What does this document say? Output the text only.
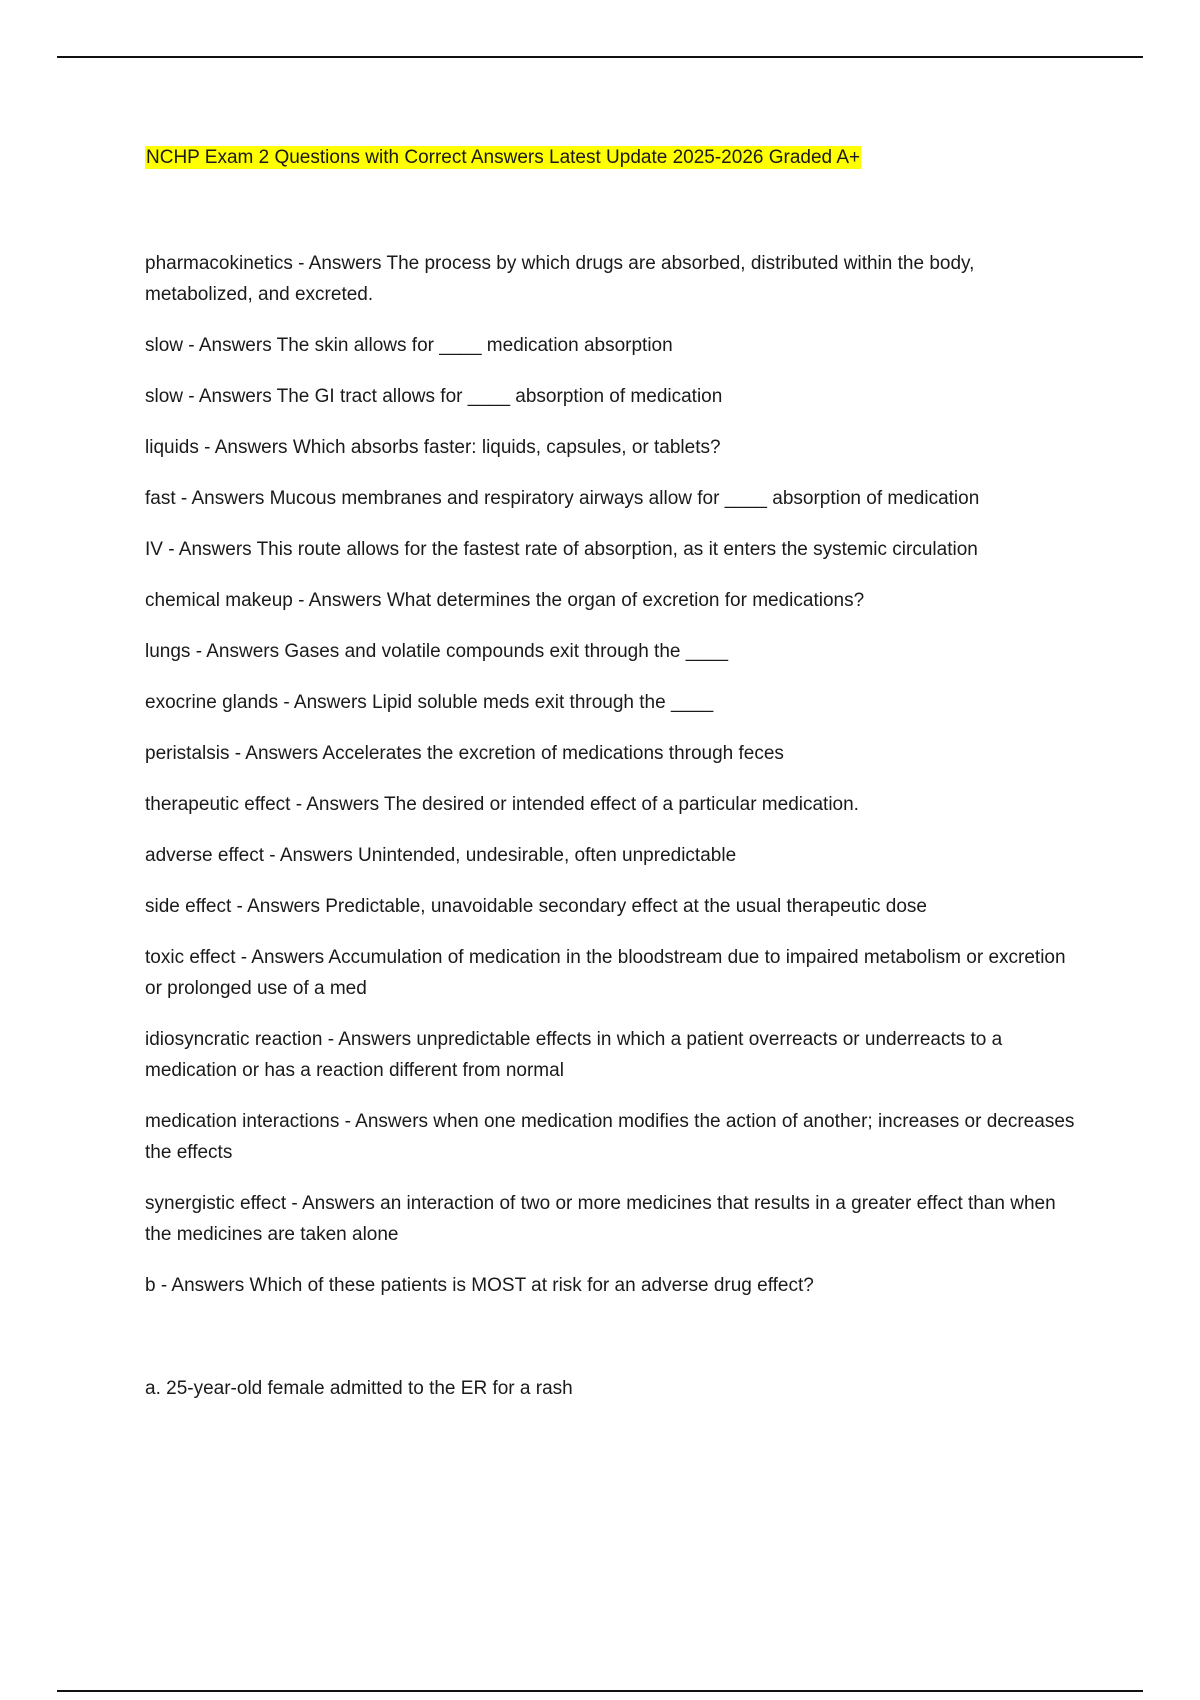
NCHP Exam 2 Questions with Correct Answers Latest Update 2025-2026 Graded A+

pharmacokinetics - Answers The process by which drugs are absorbed, distributed within the body, metabolized, and excreted.

slow - Answers The skin allows for ____ medication absorption

slow - Answers The GI tract allows for ____ absorption of medication

liquids - Answers Which absorbs faster: liquids, capsules, or tablets?

fast - Answers Mucous membranes and respiratory airways allow for ____ absorption of medication

IV - Answers This route allows for the fastest rate of absorption, as it enters the systemic circulation

chemical makeup - Answers What determines the organ of excretion for medications?

lungs - Answers Gases and volatile compounds exit through the ____

exocrine glands - Answers Lipid soluble meds exit through the ____

peristalsis - Answers Accelerates the excretion of medications through feces

therapeutic effect - Answers The desired or intended effect of a particular medication.

adverse effect - Answers Unintended, undesirable, often unpredictable

side effect - Answers Predictable, unavoidable secondary effect at the usual therapeutic dose

toxic effect - Answers Accumulation of medication in the bloodstream due to impaired metabolism or excretion or prolonged use of a med

idiosyncratic reaction - Answers unpredictable effects in which a patient overreacts or underreacts to a medication or has a reaction different from normal

medication interactions - Answers when one medication modifies the action of another; increases or decreases the effects

synergistic effect - Answers an interaction of two or more medicines that results in a greater effect than when the medicines are taken alone

b - Answers Which of these patients is MOST at risk for an adverse drug effect?

a. 25-year-old female admitted to the ER for a rash
